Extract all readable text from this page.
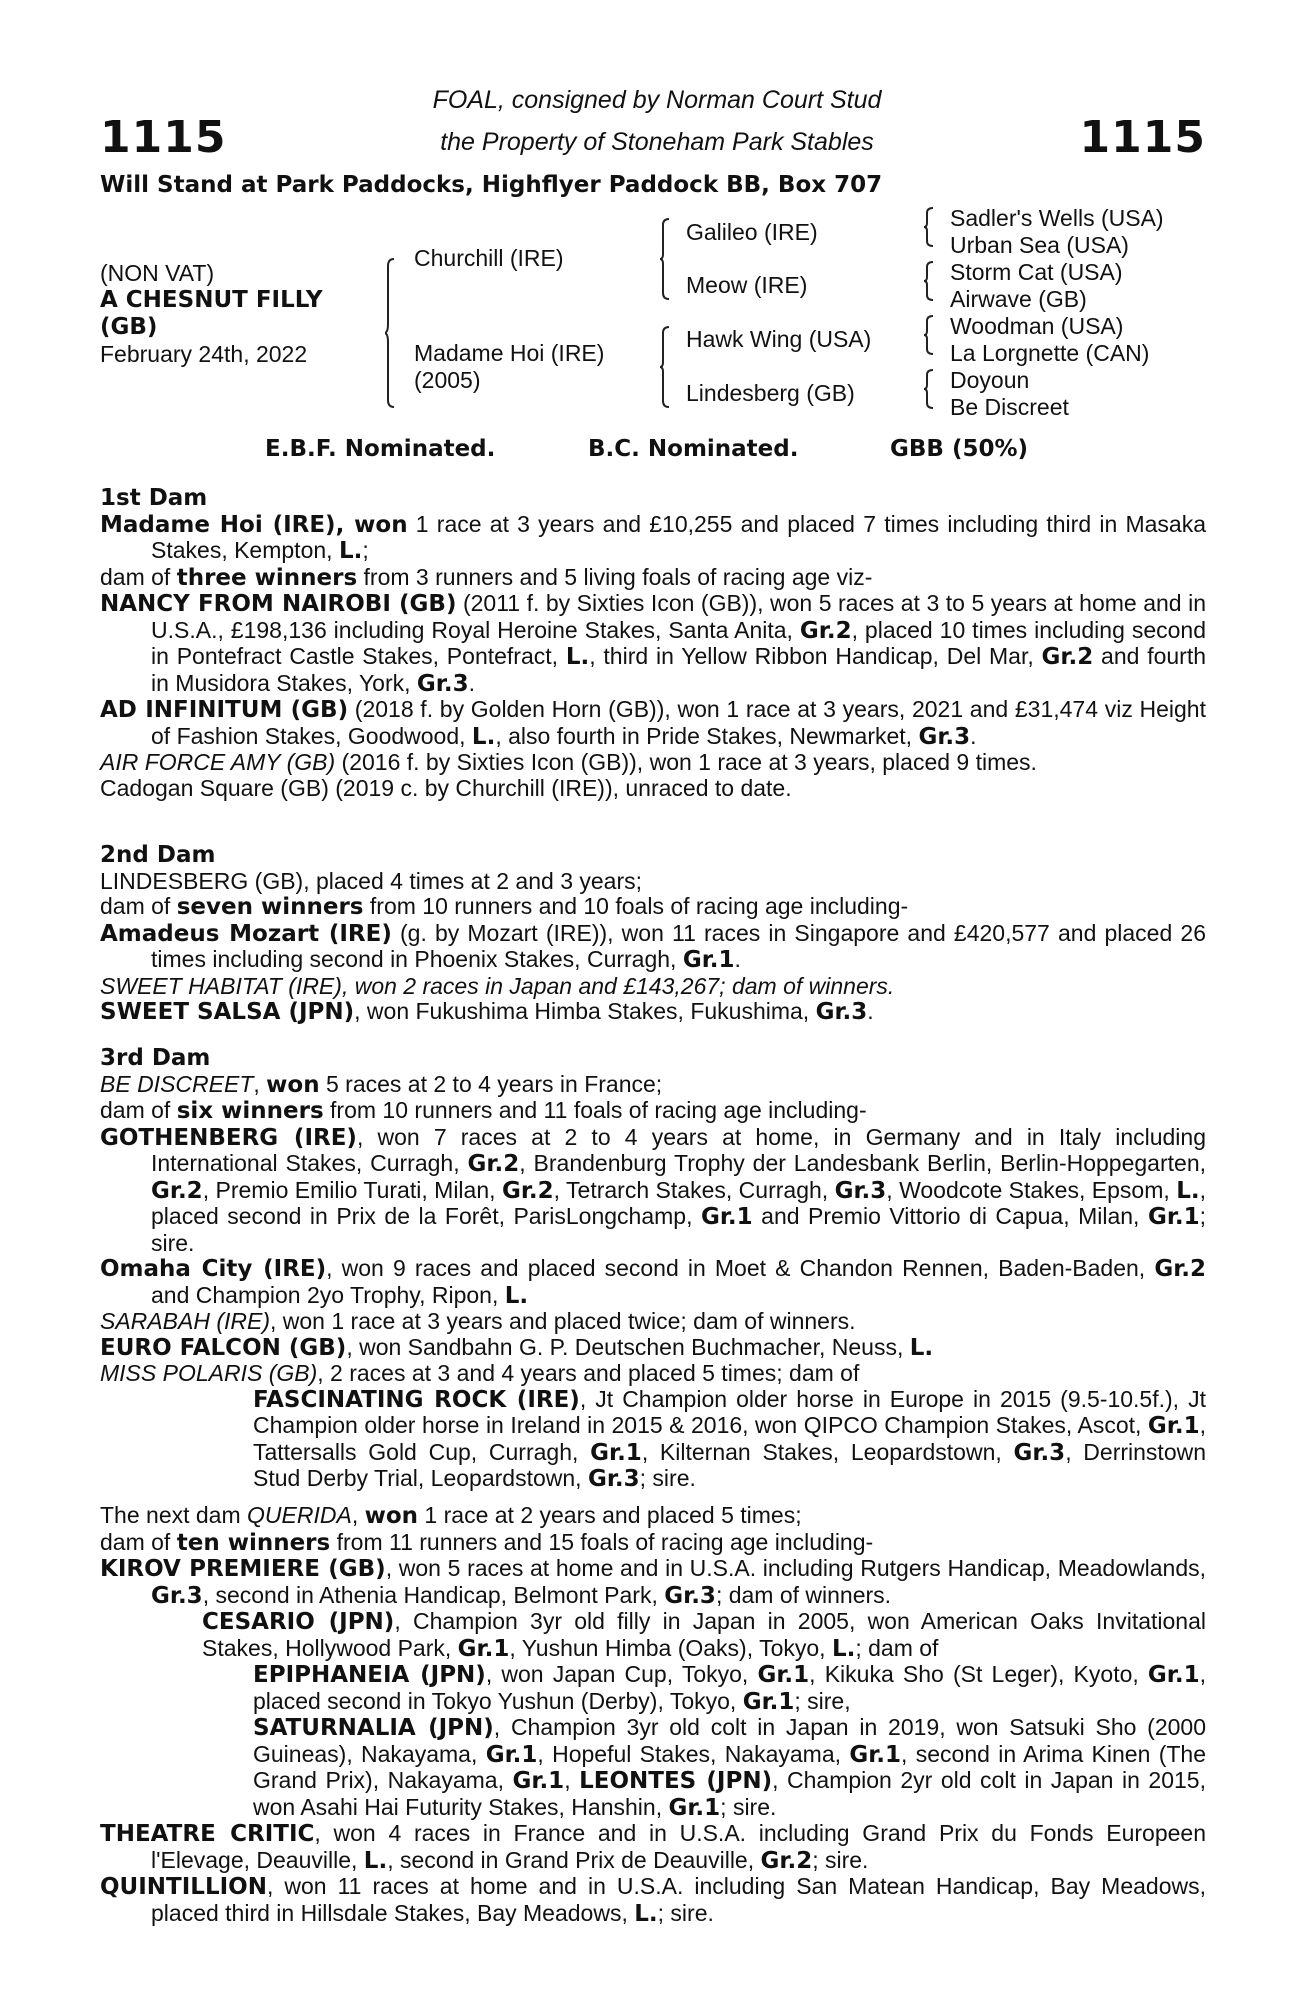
1115	1115
FOAL, consigned by Norman Court Stud
the Property of Stoneham Park Stables
Will Stand at Park Paddocks, Highflyer Paddock BB, Box 707
(NON VAT)
A CHESNUT FILLY
(GB)
February 24th, 2022
Churchill (IRE)
Madame Hoi (IRE)
(2005)
Galileo (IRE)
Meow (IRE)
Hawk Wing (USA)
Lindesberg (GB)
Sadler's Wells (USA)
Urban Sea (USA)
Storm Cat (USA)
Airwave (GB)
Woodman (USA)
La Lorgnette (CAN)
Doyoun
Be Discreet
E.B.F. Nominated.	B.C. Nominated.	GBB (50%)

1st Dam

Madame Hoi (IRE), won 1 race at 3 years and £10,255 and placed 7 times including third in Masaka Stakes, Kempton, L.;

dam of three winners from 3 runners and 5 living foals of racing age viz-

NANCY FROM NAIROBI (GB) (2011 f. by Sixties Icon (GB)), won 5 races at 3 to 5 years at home and in U.S.A., £198,136 including Royal Heroine Stakes, Santa Anita, Gr.2, placed 10 times including second in Pontefract Castle Stakes, Pontefract, L., third in Yellow Ribbon Handicap, Del Mar, Gr.2 and fourth in Musidora Stakes, York, Gr.3.

AD INFINITUM (GB) (2018 f. by Golden Horn (GB)), won 1 race at 3 years, 2021 and £31,474 viz Height of Fashion Stakes, Goodwood, L., also fourth in Pride Stakes, Newmarket, Gr.3.

AIR FORCE AMY (GB) (2016 f. by Sixties Icon (GB)), won 1 race at 3 years, placed 9 times.

Cadogan Square (GB) (2019 c. by Churchill (IRE)), unraced to date.

2nd Dam

LINDESBERG (GB), placed 4 times at 2 and 3 years;

dam of seven winners from 10 runners and 10 foals of racing age including-

Amadeus Mozart (IRE) (g. by Mozart (IRE)), won 11 races in Singapore and £420,577 and placed 26 times including second in Phoenix Stakes, Curragh, Gr.1.

SWEET HABITAT (IRE), won 2 races in Japan and £143,267; dam of winners.

SWEET SALSA (JPN), won Fukushima Himba Stakes, Fukushima, Gr.3.

3rd Dam

BE DISCREET, won 5 races at 2 to 4 years in France;

dam of six winners from 10 runners and 11 foals of racing age including-

GOTHENBERG (IRE), won 7 races at 2 to 4 years at home, in Germany and in Italy including International Stakes, Curragh, Gr.2, Brandenburg Trophy der Landesbank Berlin, Berlin-Hoppegarten, Gr.2, Premio Emilio Turati, Milan, Gr.2, Tetrarch Stakes, Curragh, Gr.3, Woodcote Stakes, Epsom, L., placed second in Prix de la Forêt, ParisLongchamp, Gr.1 and Premio Vittorio di Capua, Milan, Gr.1; sire.

Omaha City (IRE), won 9 races and placed second in Moet & Chandon Rennen, Baden-Baden, Gr.2 and Champion 2yo Trophy, Ripon, L.

SARABAH (IRE), won 1 race at 3 years and placed twice; dam of winners.

EURO FALCON (GB), won Sandbahn G. P. Deutschen Buchmacher, Neuss, L.

MISS POLARIS (GB), 2 races at 3 and 4 years and placed 5 times; dam of

FASCINATING ROCK (IRE), Jt Champion older horse in Europe in 2015 (9.5-10.5f.), Jt Champion older horse in Ireland in 2015 & 2016, won QIPCO Champion Stakes, Ascot, Gr.1, Tattersalls Gold Cup, Curragh, Gr.1, Kilternan Stakes, Leopardstown, Gr.3, Derrinstown Stud Derby Trial, Leopardstown, Gr.3; sire.

The next dam QUERIDA, won 1 race at 2 years and placed 5 times;

dam of ten winners from 11 runners and 15 foals of racing age including-

KIROV PREMIERE (GB), won 5 races at home and in U.S.A. including Rutgers Handicap, Meadowlands, Gr.3, second in Athenia Handicap, Belmont Park, Gr.3; dam of winners.

CESARIO (JPN), Champion 3yr old filly in Japan in 2005, won American Oaks Invitational Stakes, Hollywood Park, Gr.1, Yushun Himba (Oaks), Tokyo, L.; dam of

EPIPHANEIA (JPN), won Japan Cup, Tokyo, Gr.1, Kikuka Sho (St Leger), Kyoto, Gr.1, placed second in Tokyo Yushun (Derby), Tokyo, Gr.1; sire,

SATURNALIA (JPN), Champion 3yr old colt in Japan in 2019, won Satsuki Sho (2000 Guineas), Nakayama, Gr.1, Hopeful Stakes, Nakayama, Gr.1, second in Arima Kinen (The Grand Prix), Nakayama, Gr.1, LEONTES (JPN), Champion 2yr old colt in Japan in 2015, won Asahi Hai Futurity Stakes, Hanshin, Gr.1; sire.

THEATRE CRITIC, won 4 races in France and in U.S.A. including Grand Prix du Fonds Europeen l'Elevage, Deauville, L., second in Grand Prix de Deauville, Gr.2; sire.

QUINTILLION, won 11 races at home and in U.S.A. including San Matean Handicap, Bay Meadows, placed third in Hillsdale Stakes, Bay Meadows, L.; sire.
